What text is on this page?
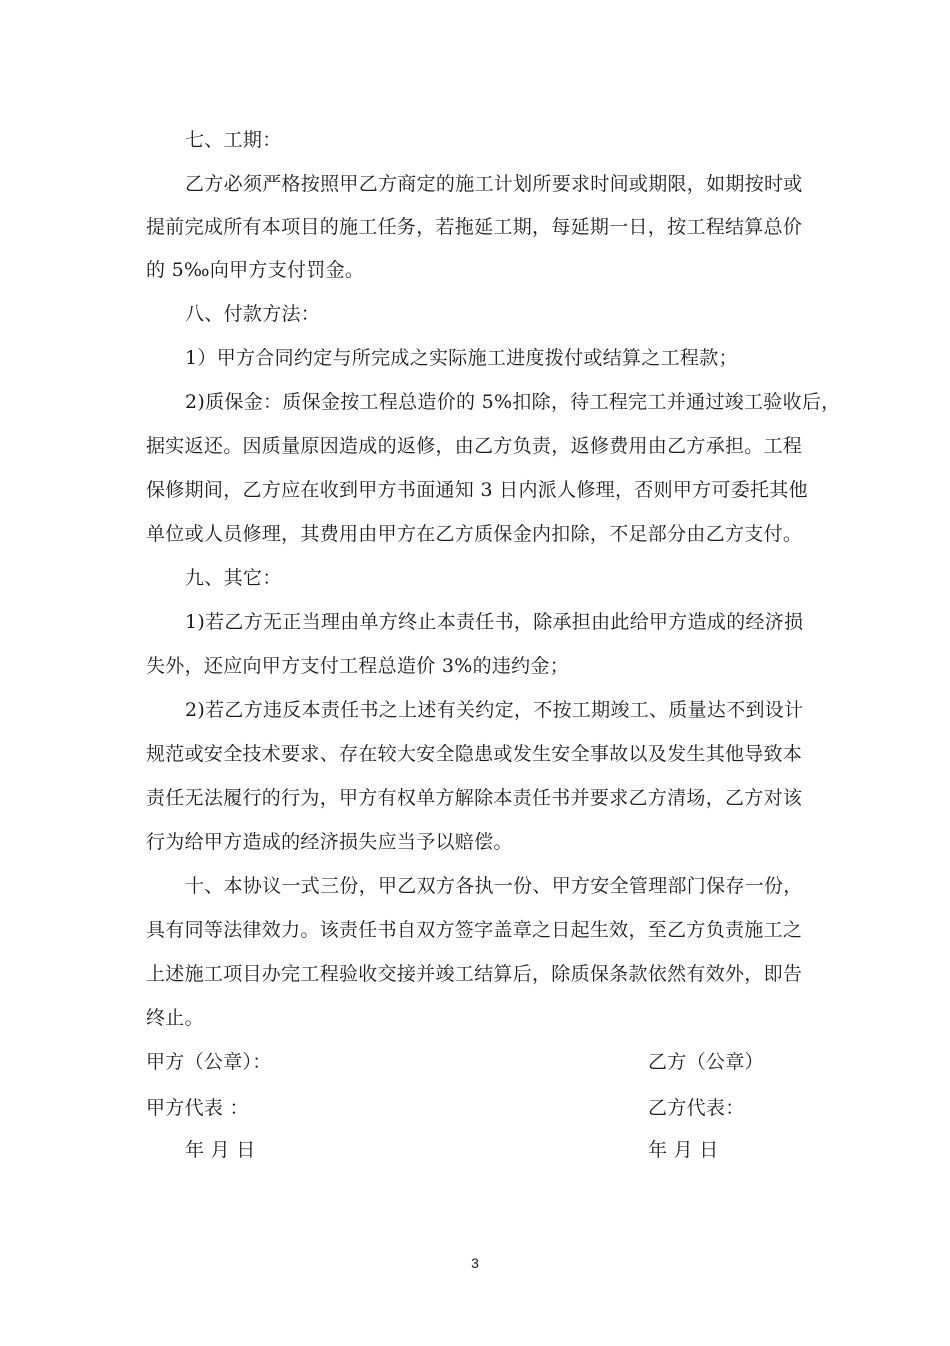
七、工期：
乙方必须严格按照甲乙方商定的施工计划所要求时间或期限，如期按时或
提前完成所有本项目的施工任务，若拖延工期，每延期一日，按工程结算总价
的 5‰向甲方支付罚金。
八、付款方法：
1）甲方合同约定与所完成之实际施工进度拨付或结算之工程款；
2)质保金：质保金按工程总造价的 5%扣除，待工程完工并通过竣工验收后，
据实返还。因质量原因造成的返修，由乙方负责，返修费用由乙方承担。工程
保修期间，乙方应在收到甲方书面通知 3 日内派人修理，否则甲方可委托其他
单位或人员修理，其费用由甲方在乙方质保金内扣除，不足部分由乙方支付。
九、其它：
1)若乙方无正当理由单方终止本责任书，除承担由此给甲方造成的经济损
失外，还应向甲方支付工程总造价 3%的违约金；
2)若乙方违反本责任书之上述有关约定，不按工期竣工、质量达不到设计
规范或安全技术要求、存在较大安全隐患或发生安全事故以及发生其他导致本
责任无法履行的行为，甲方有权单方解除本责任书并要求乙方清场，乙方对该
行为给甲方造成的经济损失应当予以赔偿。
十、本协议一式三份，甲乙双方各执一份、甲方安全管理部门保存一份，
具有同等法律效力。该责任书自双方签字盖章之日起生效，至乙方负责施工之
上述施工项目办完工程验收交接并竣工结算后，除质保条款依然有效外，即告
终止。
甲方（公章）：	乙方（公章）
甲方代表 ：	乙方代表：
年 月 日	年 月 日
3
